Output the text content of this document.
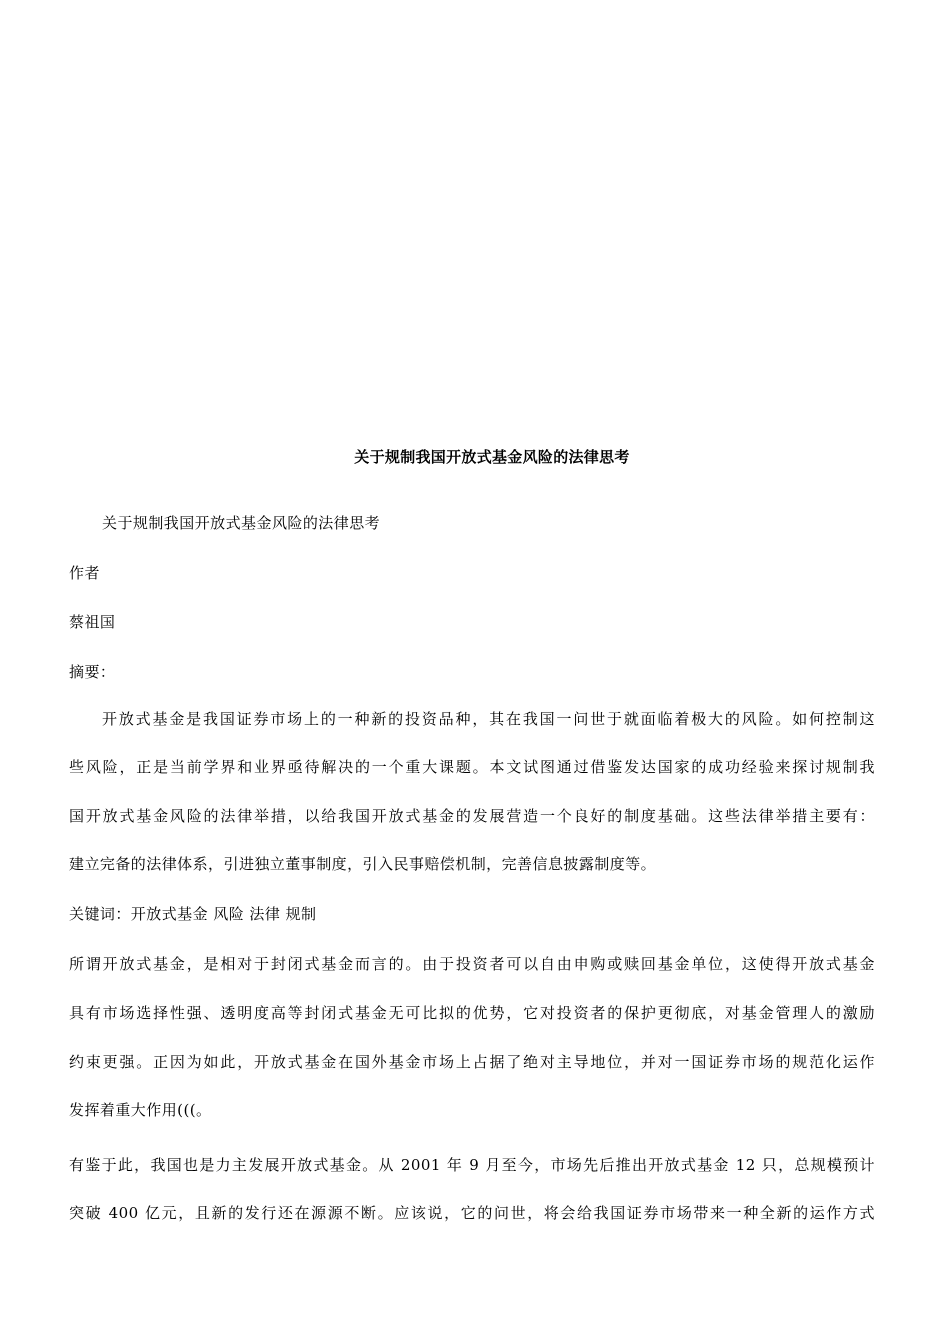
关于规制我国开放式基金风险的法律思考
关于规制我国开放式基金风险的法律思考
作者
蔡祖国
摘要：
开放式基金是我国证券市场上的一种新的投资品种，其在我国一问世于就面临着极大的风险。如何控制这
些风险，正是当前学界和业界亟待解决的一个重大课题。本文试图通过借鉴发达国家的成功经验来探讨规制我
国开放式基金风险的法律举措，以给我国开放式基金的发展营造一个良好的制度基础。这些法律举措主要有：
建立完备的法律体系，引进独立董事制度，引入民事赔偿机制，完善信息披露制度等。
关键词：开放式基金 风险 法律 规制
所谓开放式基金，是相对于封闭式基金而言的。由于投资者可以自由申购或赎回基金单位，这使得开放式基金
具有市场选择性强、透明度高等封闭式基金无可比拟的优势，它对投资者的保护更彻底，对基金管理人的激励
约束更强。正因为如此，开放式基金在国外基金市场上占据了绝对主导地位，并对一国证券市场的规范化运作
发挥着重大作用(((。
有鉴于此，我国也是力主发展开放式基金。从 2001 年 9 月至今，市场先后推出开放式基金 12 只，总规模预计
突破 400 亿元，且新的发行还在源源不断。应该说，它的问世，将会给我国证券市场带来一种全新的运作方式
